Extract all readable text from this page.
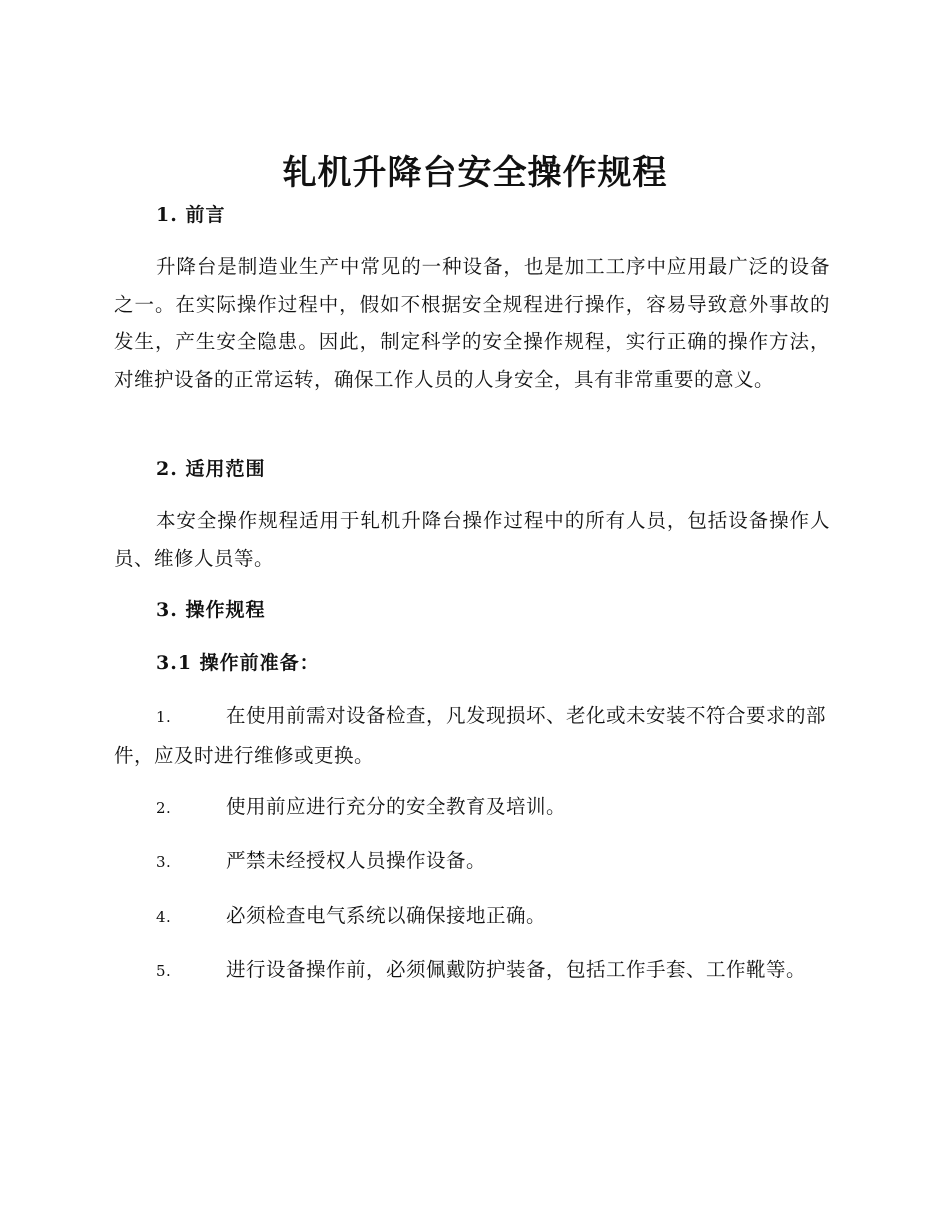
轧机升降台安全操作规程
1. 前言

升降台是制造业生产中常见的一种设备，也是加工工序中应用最广泛的设备之一。在实际操作过程中，假如不根据安全规程进行操作，容易导致意外事故的发生，产生安全隐患。因此，制定科学的安全操作规程，实行正确的操作方法，对维护设备的正常运转，确保工作人员的人身安全，具有非常重要的意义。

2. 适用范围

本安全操作规程适用于轧机升降台操作过程中的所有人员，包括设备操作人员、维修人员等。

3. 操作规程
3.1 操作前准备：

1.	在使用前需对设备检查，凡发现损坏、老化或未安装不符合要求的部件，应及时进行维修或更换。

2.	使用前应进行充分的安全教育及培训。

3.	严禁未经授权人员操作设备。

4.	必须检查电气系统以确保接地正确。

5.	进行设备操作前，必须佩戴防护装备，包括工作手套、工作靴等。
